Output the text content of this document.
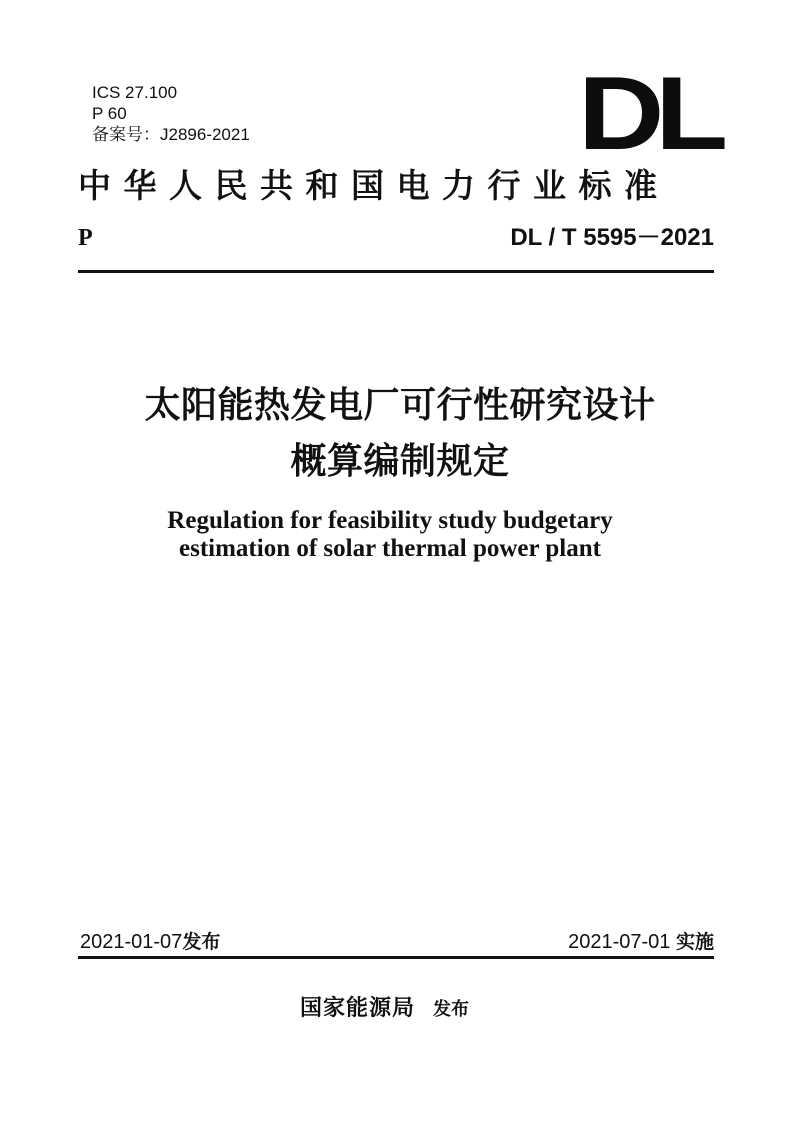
ICS 27.100
P 60
备案号：J2896-2021	DL
中华人民共和国电力行业标准
P	DL / T 5595－2021
太阳能热发电厂可行性研究设计
概算编制规定
Regulation for feasibility study budgetary
estimation of solar thermal power plant
2021-01-07发布	2021-07-01 实施
国家能源局 发布
